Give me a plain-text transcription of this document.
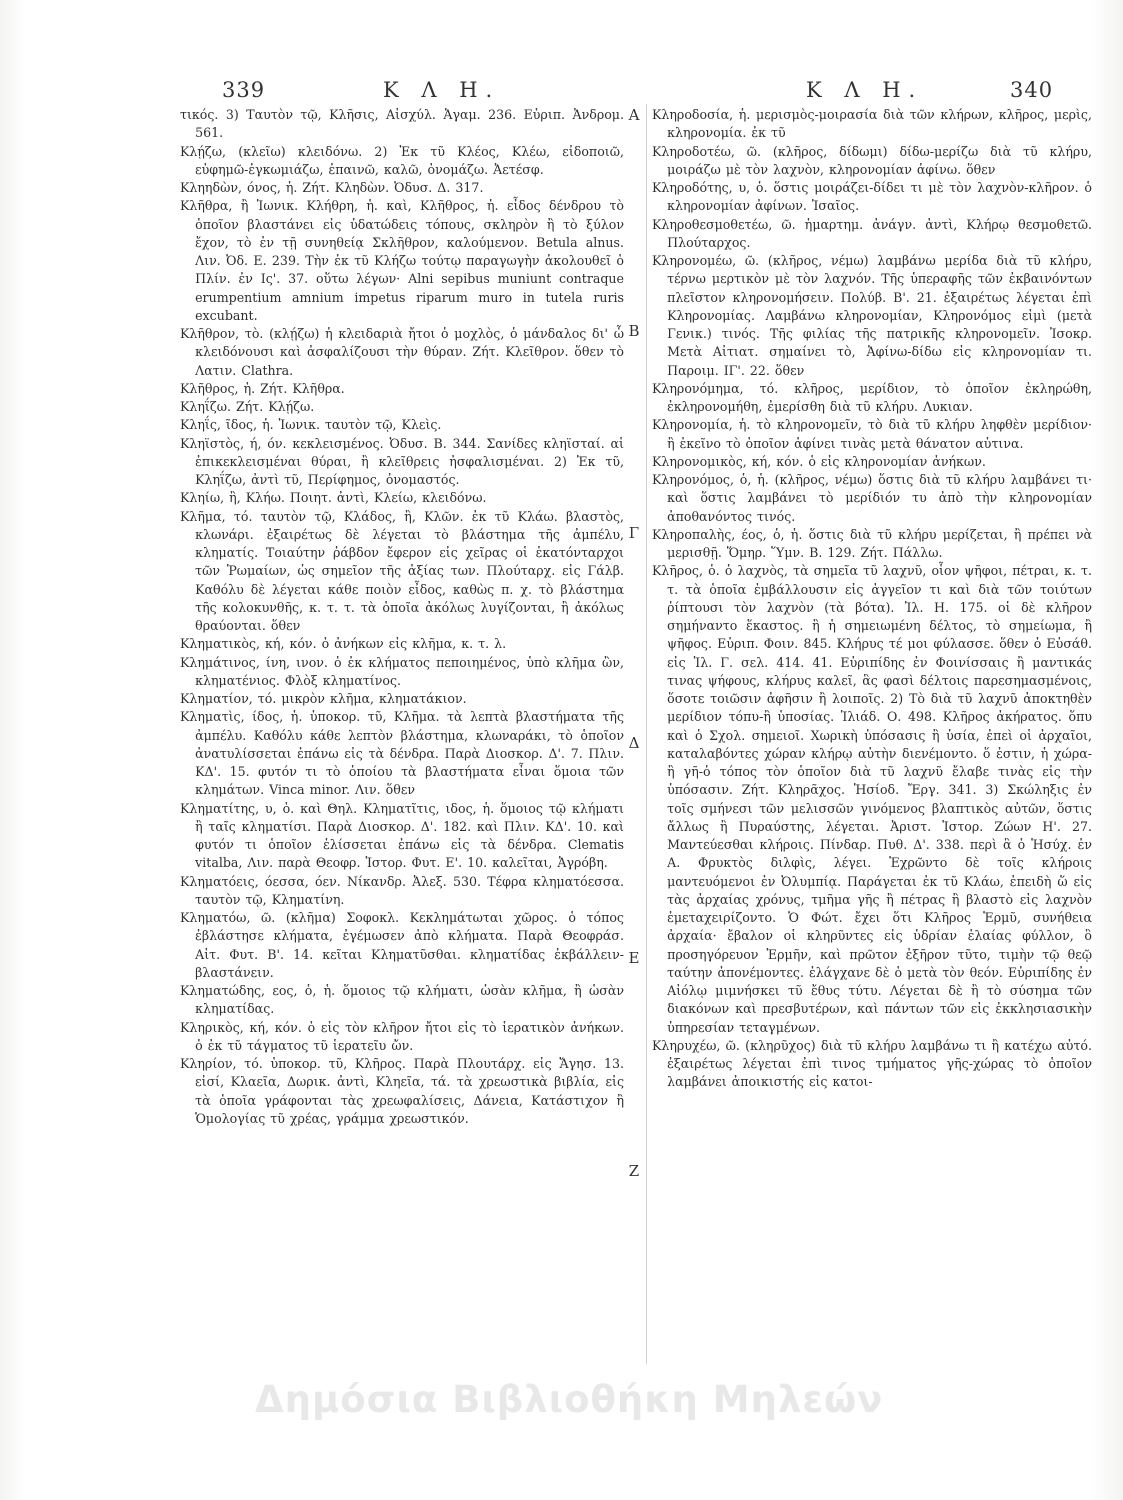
339	Κ Λ Η.	Κ Λ Η.	340

τικός. 3) Ταυτὸν τῷ, Κλῆσις, Αἰσχύλ. Ἀγαμ. 236. Εὐριπ. Ἀνδρομ. 561.

Κλῄζω, (κλεῖω) κλειδόνω. 2) Ἐκ τῦ Κλέος, Κλέω, εἰδοποιῶ, εὐφημῶ-ἐγκωμιάζω, ἐπαινῶ, καλῶ, ὀνομάζω. Ἀετέσφ.

Κληηδὼν, όνος, ἡ. Ζήτ. Κληδὼν. Ὀδυσ. Δ. 317.

Κλῆθρα, ἢ Ἰωνικ. Κλήθρη, ἡ. καὶ, Κλῆθρος, ἡ. εἶδος δένδρου τὸ ὁποῖον βλαστάνει εἰς ὑδατώδεις τόπους, σκληρὸν ἢ τὸ ξύλον ἔχον, τὸ ἐν τῇ συνηθείᾳ Σκλῆθρον, καλούμενον. Betula alnus. Λιν. Ὀδ. Ε. 239. Τὴν ἐκ τῦ Κλήζω τούτῳ παραγωγὴν ἀκολουθεῖ ὁ Πλίν. ἐν Ις'. 37. οὕτω λέγων· Alni sepibus muniunt contraque erumpentium amnium impetus riparum muro in tutela ruris excubant.

Κλῆθρον, τὸ. (κλῄζω) ἡ κλειδαριὰ ἤτοι ὁ μοχλὸς, ὁ μάνδαλος δι' ὧ κλειδόνουσι καὶ ἀσφαλίζουσι τὴν θύραν. Ζήτ. Κλεῖθρον. ὅθεν τὸ Λατιν. Clathra.

Κλῆθρος, ἡ. Ζήτ. Κλῆθρα.

Κληΐζω. Ζήτ. Κλῄζω.

Κληΐς, ῖδος, ἡ. Ἰωνικ. ταυτὸν τῷ, Κλεὶς.

Κληϊστὸς, ή, όν. κεκλεισμένος. Ὀδυσ. Β. 344. Σανίδες κληϊσταί. αἱ ἐπικεκλεισμέναι θύραι, ἢ κλεῖθρεις ἠσφαλισμέναι. 2) Ἐκ τῦ, Κληΐζω, ἀντὶ τῦ, Περίφημος, ὀνομαστός.

Κληίω, ἢ, Κλήω. Ποιητ. ἀντὶ, Κλείω, κλειδόνω.

Κλῆμα, τό. ταυτὸν τῷ, Κλάδος, ἢ, Κλῶν. ἐκ τῦ Κλάω. βλαστὸς, κλωνάρι. ἐξαιρέτως δὲ λέγεται τὸ βλάστημα τῆς ἀμπέλυ, κληματίς. Τοιαύτην ῥάβδον ἔφερον εἰς χεῖρας οἱ ἑκατόνταρχοι τῶν Ῥωμαίων, ὡς σημεῖον τῆς ἀξίας των. Πλούταρχ. εἰς Γάλβ. Καθόλυ δὲ λέγεται κάθε ποιὸν εἶδος, καθὼς π. χ. τὸ βλάστημα τῆς κολοκυνθῆς, κ. τ. τ. τὰ ὁποῖα ἀκόλως λυγίζονται, ἢ ἀκόλως θραύονται. ὅθεν

Κληματικὸς, κή, κόν. ὁ ἀνήκων εἰς κλῆμα, κ. τ. λ.

Κλημάτινος, ίνη, ινον. ὁ ἐκ κλήματος πεποιημένος, ὑπὸ κλῆμα ὢν, κληματένιος. Φλὸξ κληματίνος.

Κληματίον, τό. μικρὸν κλῆμα, κληματάκιον.

Κληματὶς, ίδος, ἡ. ὑποκορ. τῦ, Κλῆμα. τὰ λεπτὰ βλαστήματα τῆς ἀμπέλυ. Καθόλυ κάθε λεπτὸν βλάστημα, κλωναράκι, τὸ ὁποῖον ἀνατυλίσσεται ἐπάνω εἰς τὰ δένδρα. Παρὰ Διοσκορ. Δ'. 7. Πλιν. ΚΔ'. 15. φυτόν τι τὸ ὁποίου τὰ βλαστήματα εἶναι ὅμοια τῶν κλημάτων. Vinca minor. Λιν. ὅθεν

Κληματίτης, υ, ὁ. καὶ Θηλ. Κληματῖτις, ιδος, ἡ. ὅμοιος τῷ κλήματι ἢ ταῖς κληματίσι. Παρὰ Διοσκορ. Δ'. 182. καὶ Πλιν. ΚΔ'. 10. καὶ φυτόν τι ὁποῖον ἑλίσσεται ἐπάνω εἰς τὰ δένδρα. Clematis vitalba, Λιν. παρὰ Θεοφρ. Ἱστορ. Φυτ. Ε'. 10. καλεῖται, Ἀγρόβη.

Κληματόεις, όεσσα, όεν. Νίκανδρ. Ἀλεξ. 530. Τέφρα κληματόεσσα. ταυτὸν τῷ, Κληματίνη.

Κληματόω, ῶ. (κλῆμα) Σοφοκλ. Κεκλημάτωται χῶρος. ὁ τόπος ἐβλάστησε κλήματα, ἐγέμωσεν ἀπὸ κλήματα. Παρὰ Θεοφράσ. Αἰτ. Φυτ. Β'. 14. κεῖται Κληματῦσθαι. κληματίδας ἐκβάλλειν-βλαστάνειν.

Κληματώδης, εος, ὁ, ἡ. ὅμοιος τῷ κλήματι, ὡσὰν κλῆμα, ἢ ὡσὰν κληματίδας.

Κληρικὸς, κή, κόν. ὁ εἰς τὸν κλῆρον ἤτοι εἰς τὸ ἱερατικὸν ἀνήκων. ὁ ἐκ τῦ τάγματος τῦ ἱερατεῖυ ὤν.

Κληρίον, τό. ὑποκορ. τῦ, Κλῆρος. Παρὰ Πλουτάρχ. εἰς Ἄγησ. 13. εἰσί, Κλαεῖα, Δωρικ. ἀντὶ, Κληεῖα, τά. τὰ χρεωστικὰ βιβλία, εἰς τὰ ὁποῖα γράφονται τὰς χρεωφαλίσεις, Δάνεια, Κατάστιχον ἢ Ὁμολογίας τῦ χρέας, γράμμα χρεωστικόν.

Α
Β
Γ
Δ
Ε
Ζ

Κληροδοσία, ἡ. μερισμὸς-μοιρασία διὰ τῶν κλήρων, κλῆρος, μερὶς, κληρονομία. ἐκ τῦ

Κληροδοτέω, ῶ. (κλῆρος, δίδωμι) δίδω-μερίζω διὰ τῦ κλήρυ, μοιράζω μὲ τὸν λαχνὸν, κληρονομίαν ἀφίνω. ὅθεν

Κληροδότης, υ, ὁ. ὅστις μοιράζει-δίδει τι μὲ τὸν λαχνὸν-κλῆρον. ὁ κληρονομίαν ἀφίνων. Ἰσαῖος.

Κληροθεσμοθετέω, ῶ. ἡμαρτημ. ἀνάγν. ἀντὶ, Κλήρῳ θεσμοθετῶ. Πλούταρχος.

Κληρονομέω, ῶ. (κλῆρος, νέμω) λαμβάνω μερίδα διὰ τῦ κλήρυ, τέρνω μερτικὸν μὲ τὸν λαχνόν. Τῆς ὑπεραφῆς τῶν ἐκβαινόντων πλεῖστον κληρονομήσειν. Πολύβ. Β'. 21. ἐξαιρέτως λέγεται ἐπὶ Κληρονομίας. Λαμβάνω κληρονομίαν, Κληρονόμος εἰμὶ (μετὰ Γενικ.) τινός. Τῆς φιλίας τῆς πατρικῆς κληρονομεῖν. Ἰσοκρ. Μετὰ Αἰτιατ. σημαίνει τὸ, Ἀφίνω-δίδω εἰς κληρονομίαν τι. Παροιμ. ΙΓ'. 22. ὅθεν

Κληρονόμημα, τό. κλῆρος, μερίδιον, τὸ ὁποῖον ἐκληρώθη, ἐκληρονομήθη, ἐμερίσθη διὰ τῦ κλήρυ. Λυκιαν.

Κληρονομία, ἡ. τὸ κληρονομεῖν, τὸ διὰ τῦ κλήρυ ληφθὲν μερίδιον· ἢ ἐκεῖνο τὸ ὁποῖον ἀφίνει τινὰς μετὰ θάνατον αὐτινα.

Κληρονομικὸς, κή, κόν. ὁ εἰς κληρονομίαν ἀνήκων.

Κληρονόμος, ὁ, ἡ. (κλῆρος, νέμω) ὅστις διὰ τῦ κλήρυ λαμβάνει τι· καὶ ὅστις λαμβάνει τὸ μερίδιόν τυ ἀπὸ τὴν κληρονομίαν ἀποθανόντος τινός.

Κληροπαλὴς, έος, ὁ, ἡ. ὅστις διὰ τῦ κλήρυ μερίζεται, ἢ πρέπει νὰ μερισθῇ. Ὅμηρ. Ὕμν. Β. 129. Ζήτ. Πάλλω.

Κλῆρος, ὁ. ὁ λαχνὸς, τὰ σημεῖα τῦ λαχνῦ, οἷον ψῆφοι, πέτραι, κ. τ. τ. τὰ ὁποῖα ἐμβάλλουσιν εἰς ἀγγεῖον τι καὶ διὰ τῶν τοιύτων ῥίπτουσι τὸν λαχνὸν (τὰ βότα). Ἰλ. Η. 175. οἱ δὲ κλῆρον σημήναντο ἕκαστος. ἢ ἡ σημειωμένη δέλτος, τὸ σημείωμα, ἢ ψῆφος. Εὐριπ. Φοιν. 845. Κλήρυς τέ μοι φύλασσε. ὅθεν ὁ Εὐσάθ. εἰς Ἰλ. Γ. σελ. 414. 41. Εὐριπίδης ἐν Φοινίσσαις ἢ μαντικάς τινας ψήφους, κλήρυς καλεῖ, ἃς φασὶ δέλτοις παρεσημασμένοις, ὅσοτε τοιῶσιν ἀφῆσιν ἢ λοιποῖς. 2) Τὸ διὰ τῦ λαχνῦ ἀποκτηθὲν μερίδιον τόπυ-ἢ ὑποσίας. Ἰλιάδ. Ο. 498. Κλῆρος ἀκήρατος. ὅπυ καὶ ὁ Σχολ. σημειοῖ. Χωρικὴ ὑπόσασις ἢ ὑσία, ἐπεὶ οἱ ἀρχαῖοι, καταλαβόντες χώραν κλήρῳ αὐτὴν διενέμοντο. ὅ ἐστιν, ἡ χώρα-ἢ γῆ-ὁ τόπος τὸν ὁποῖον διὰ τῦ λαχνῦ ἔλαβε τινὰς εἰς τὴν ὑπόσασιν. Ζήτ. Κληρᾶχος. Ἡσίοδ. Ἔργ. 341. 3) Σκώληξις ἐν τοῖς σμήνεσι τῶν μελισσῶν γινόμενος βλαπτικὸς αὐτῶν, ὅστις ἄλλως ἢ Πυραύστης, λέγεται. Ἀριστ. Ἱστορ. Ζώων Η'. 27. Μαντεύεσθαι κλήροις. Πίνδαρ. Πυθ. Δ'. 338. περὶ ἃ ὁ Ἡσύχ. ἐν Α. Φρυκτὸς διλφὶς, λέγει. Ἐχρῶντο δὲ τοῖς κλήροις μαντευόμενοι ἐν Ὀλυμπίᾳ. Παράγεται ἐκ τῦ Κλάω, ἐπειδὴ ὥ εἰς τὰς ἀρχαίας χρόνυς, τμῆμα γῆς ἢ πέτρας ἢ βλαστὸ εἰς λαχνὸν ἐμεταχειρίζοντο. Ὁ Φώτ. ἔχει ὅτι Κλῆρος Ἑρμῦ, συνήθεια ἀρχαία· ἔβαλον οἱ κληρῦντες εἰς ὑδρίαν ἐλαίας φύλλον, ὃ προσηγόρευον Ἑρμῆν, καὶ πρῶτον ἐξῆρον τῦτο, τιμὴν τῷ θεῷ ταύτην ἀπονέμοντες. ἐλάγχανε δὲ ὁ μετὰ τὸν θεόν. Εὐριπίδης ἐν Αἰόλῳ μιμνήσκει τῦ ἔθυς τύτυ. Λέγεται δὲ ἢ τὸ σύσημα τῶν διακόνων καὶ πρεσβυτέρων, καὶ πάντων τῶν εἰς ἐκκλησιασικὴν ὑπηρεσίαν τεταγμένων.

Κληρυχέω, ῶ. (κληρῦχος) διὰ τῦ κλήρυ λαμβάνω τι ἢ κατέχω αὐτό. ἐξαιρέτως λέγεται ἐπὶ τινος τμήματος γῆς-χώρας τὸ ὁποῖον λαμβάνει ἀποικιστής εἰς κατοι-

Δημόσια Βιβλιοθήκη Μηλεών
